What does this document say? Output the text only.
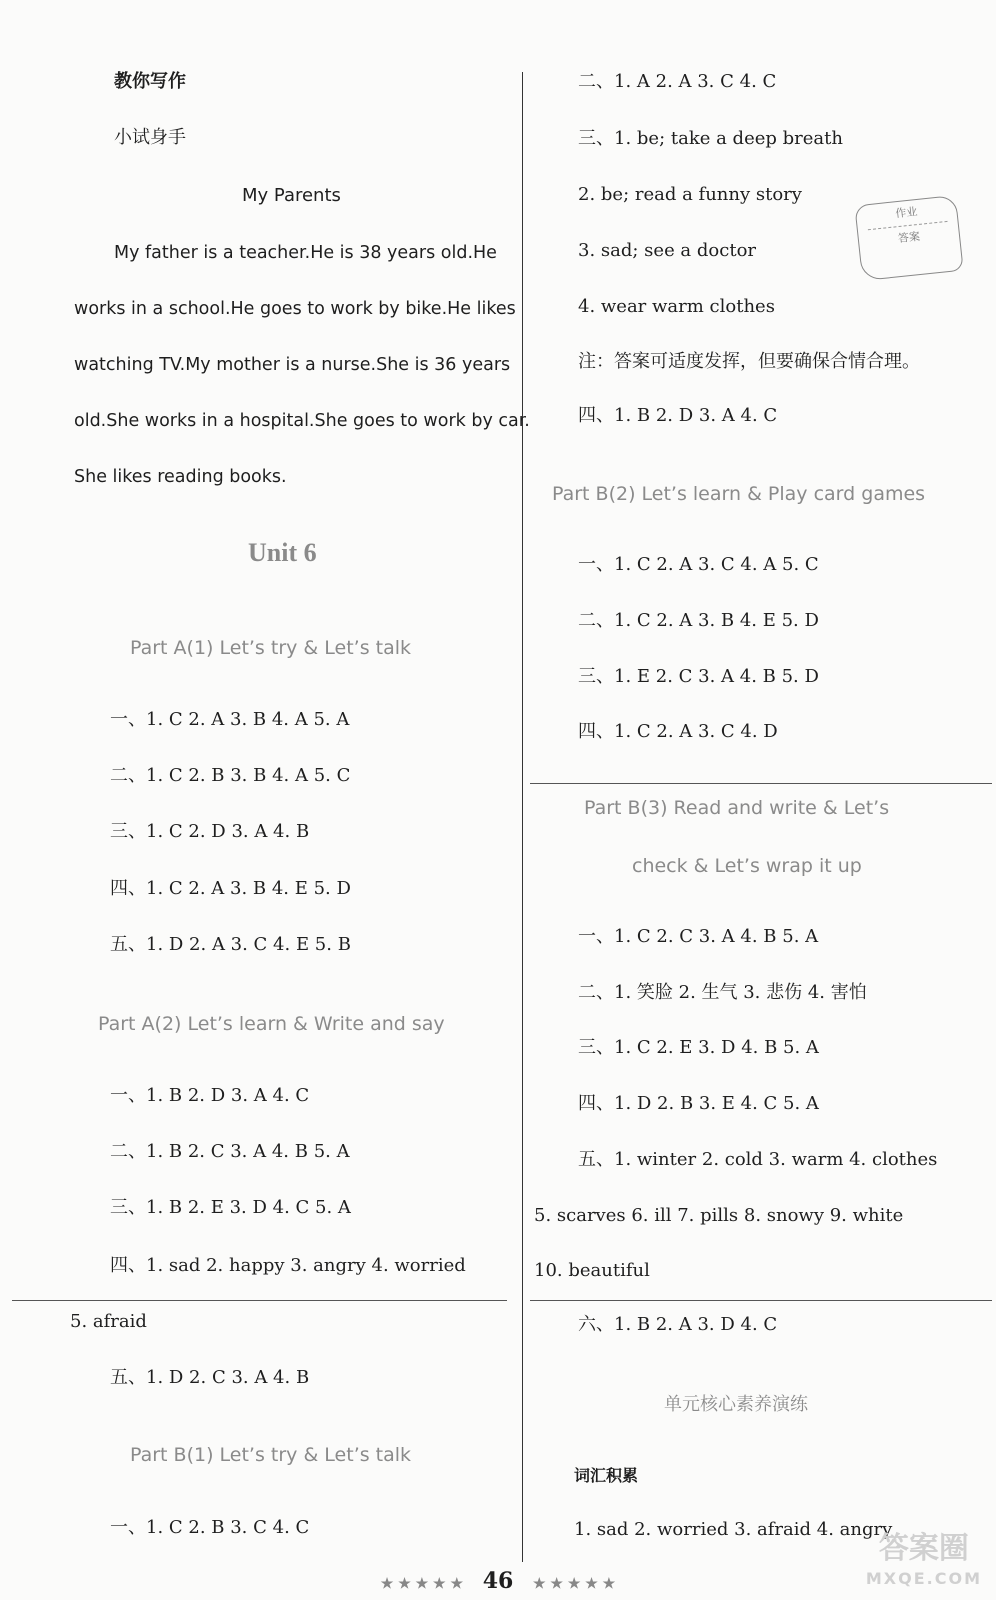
教你写作
小试身手
My Parents
My father is a teacher.He is 38 years old.He
works in a school.He goes to work by bike.He likes
watching TV.My mother is a nurse.She is 36 years
old.She works in a hospital.She goes to work by car.
She likes reading books.
Unit 6
Part A(1) Let’s try & Let’s talk
一、1. C 2. A 3. B 4. A 5. A
二、1. C 2. B 3. B 4. A 5. C
三、1. C 2. D 3. A 4. B
四、1. C 2. A 3. B 4. E 5. D
五、1. D 2. A 3. C 4. E 5. B
Part A(2) Let’s learn & Write and say
一、1. B 2. D 3. A 4. C
二、1. B 2. C 3. A 4. B 5. A
三、1. B 2. E 3. D 4. C 5. A
四、1. sad 2. happy 3. angry 4. worried
5. afraid
五、1. D 2. C 3. A 4. B
Part B(1) Let’s try & Let’s talk
一、1. C 2. B 3. C 4. C
二、1. A 2. A 3. C 4. C
三、1. be; take a deep breath
2. be; read a funny story
3. sad; see a doctor
4. wear warm clothes
注：答案可适度发挥，但要确保合情合理。
四、1. B 2. D 3. A 4. C
Part B(2) Let’s learn & Play card games
一、1. C 2. A 3. C 4. A 5. C
二、1. C 2. A 3. B 4. E 5. D
三、1. E 2. C 3. A 4. B 5. D
四、1. C 2. A 3. C 4. D
Part B(3) Read and write & Let’s
check & Let’s wrap it up
一、1. C 2. C 3. A 4. B 5. A
二、1. 笑脸 2. 生气 3. 悲伤 4. 害怕
三、1. C 2. E 3. D 4. B 5. A
四、1. D 2. B 3. E 4. C 5. A
五、1. winter 2. cold 3. warm 4. clothes
5. scarves 6. ill 7. pills 8. snowy 9. white
10. beautiful
六、1. B 2. A 3. D 4. C
单元核心素养演练
词汇积累
1. sad 2. worried 3. afraid 4. angry
作业
答案
★ ★ ★ ★ ★ 46 ★ ★ ★ ★ ★
答案圈
MXQE.COM
